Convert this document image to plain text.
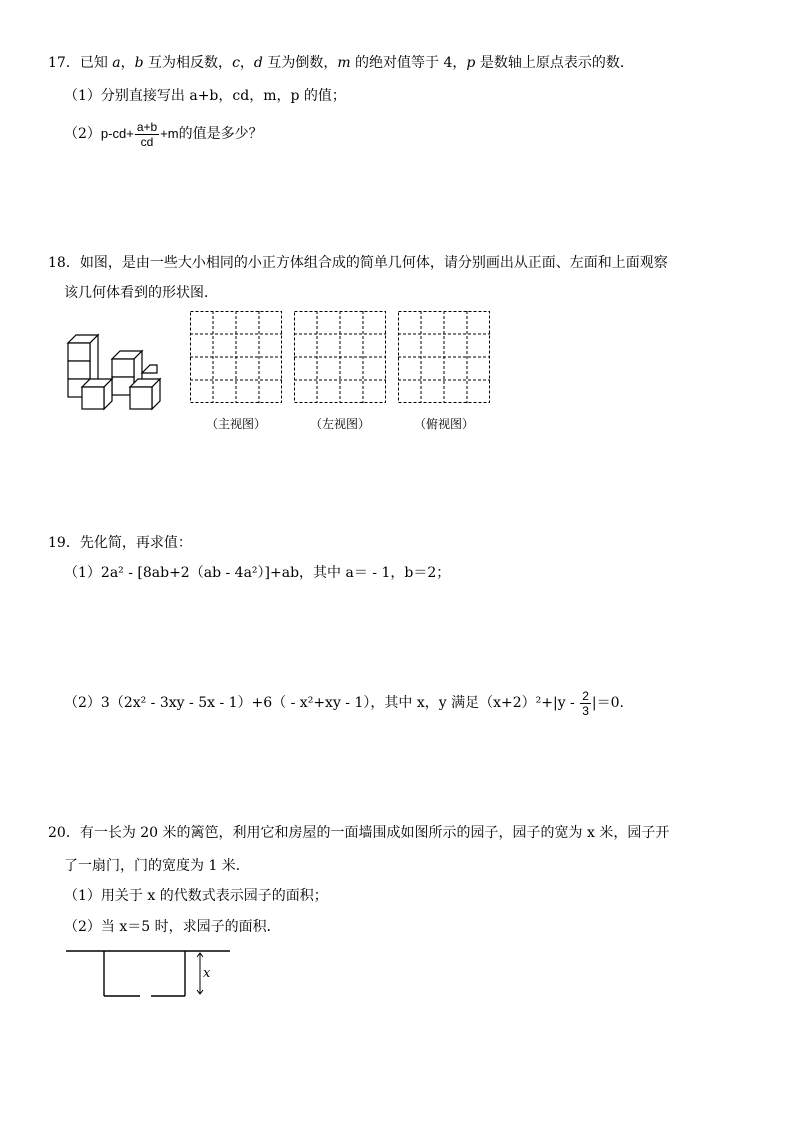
17．已知 a，b 互为相反数，c，d 互为倒数，m 的绝对值等于 4，p 是数轴上原点表示的数．
（1）分别直接写出 a+b，cd，m，p 的值；
$(2)p-cd+ \frac{a+b}{cd} +m$的值是多少？
18．如图，是由一些大小相同的小正方体组合成的简单几何体，请分别画出从正面、左面和上面观察
该几何体看到的形状图．
（主视图）	（左视图）	（俯视图）
19．先化简，再求值：
（1）2a² - [8ab+2（ab - 4a²）]+ab，其中 a＝ - 1，b＝2；
（2）3（2x² - 3xy - 5x - 1）+6（ - x²+xy - 1），其中 x，y 满足$(x+2)^2+|y - \frac{2}{3} |=0$.
20．有一长为 20 米的篱笆，利用它和房屋的一面墙围成如图所示的园子，园子的宽为 x 米，园子开
了一扇门，门的宽度为 1 米．
（1）用关于 x 的代数式表示园子的面积；
（2）当 x＝5 时，求园子的面积．
x
